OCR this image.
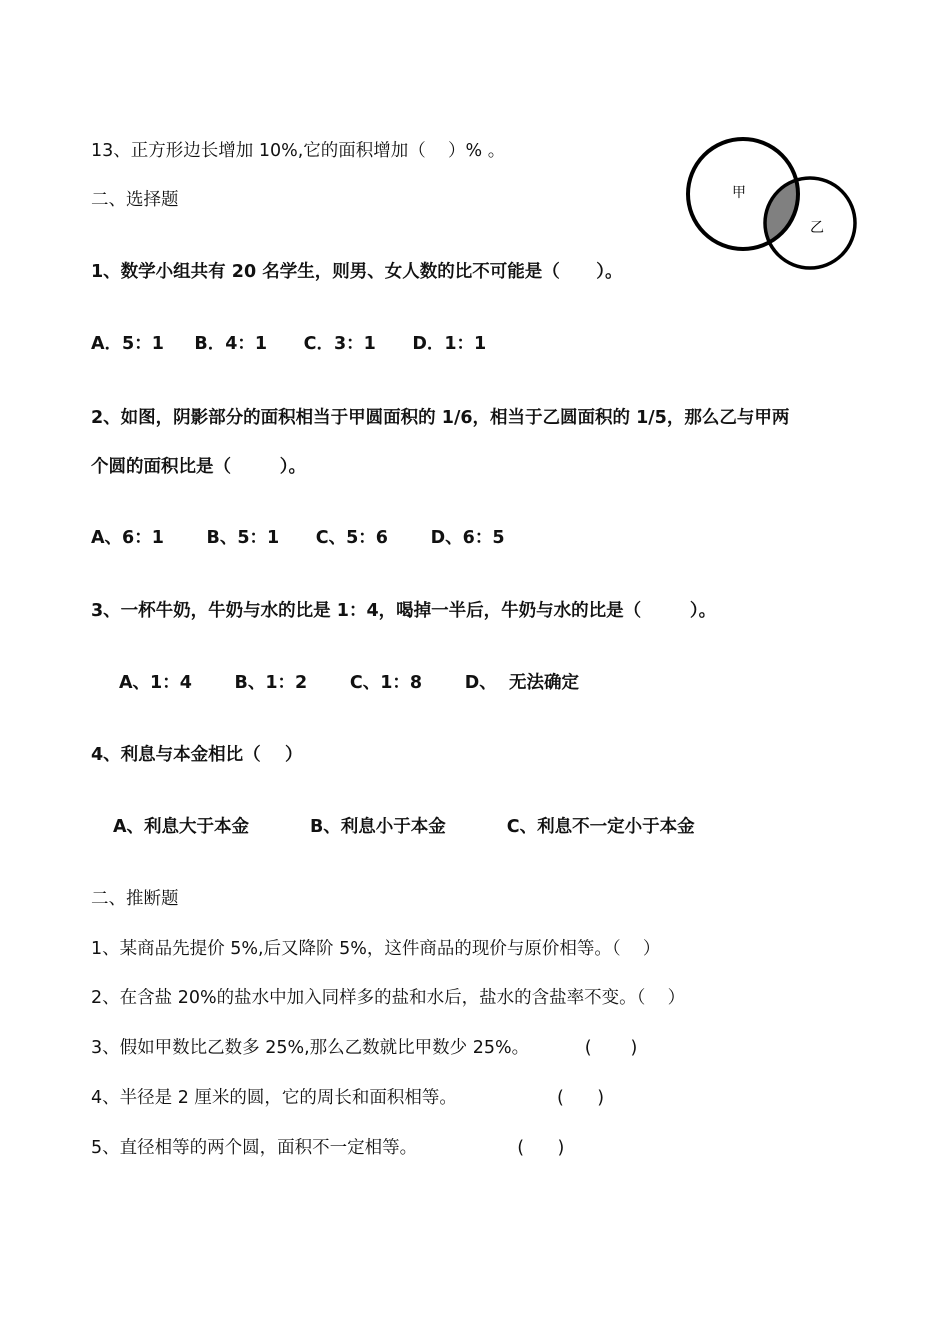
13、正方形边长增加 10%,它的面积增加（    ）% 。
二、选择题
1、数学小组共有 20 名学生，则男、女人数的比不可能是（      ）。
A．5：1     B．4：1      C．3：1      D．1：1
2、如图，阴影部分的面积相当于甲圆面积的 1/6，相当于乙圆面积的 1/5，那么乙与甲两
个圆的面积比是（        ）。
A、6：1       B、5：1      C、5：6       D、6：5
3、一杯牛奶，牛奶与水的比是 1：4，喝掉一半后，牛奶与水的比是（        ）。
A、1：4       B、1：2       C、1：8       D、  无法确定
4、利息与本金相比（    ）
A、利息大于本金          B、利息小于本金          C、利息不一定小于本金
二、推断题
1、某商品先提价 5%,后又降阶 5%，这件商品的现价与原价相等。（    ）
2、在含盐 20%的盐水中加入同样多的盐和水后，盐水的含盐率不变。（    ）
3、假如甲数比乙数多 25%,那么乙数就比甲数少 25%。          (       )
4、半径是 2 厘米的圆，它的周长和面积相等。                  (      )
5、直径相等的两个圆，面积不一定相等。                  (      )
甲
乙
